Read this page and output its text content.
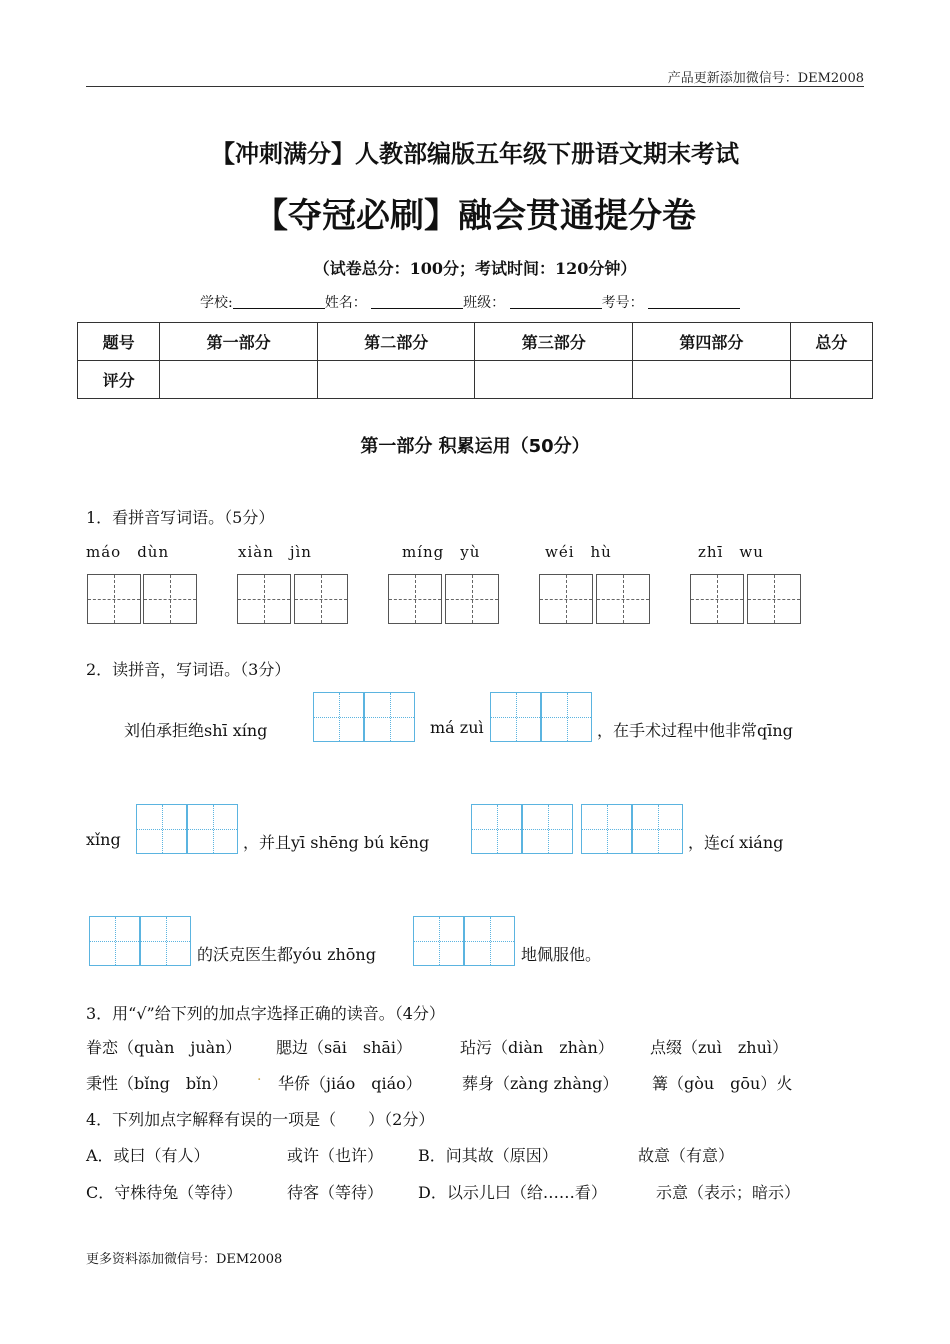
产品更新添加微信号：DEM2008
【冲刺满分】人教部编版五年级下册语文期末考试
【夺冠必刷】融会贯通提分卷
（试卷总分：100分；考试时间：120分钟）
学校:	姓名：	班级：	考号：
题号	第一部分	第二部分	第三部分	第四部分	总分
评分					
第一部分 积累运用（50分）
1．看拼音写词语。（5分）
máo　dùn	xiàn　jìn	míng　yù	wéi　hù	zhī　wu
2．读拼音，写词语。（3分）
刘伯承拒绝shī xíng	má zuì	，在手术过程中他非常qīng
xǐng	，并且yī shēng bú kēng	，连cí xiáng
的沃克医生都yóu zhōng	地佩服他。
3．用“√”给下列的加点字选择正确的读音。（4分）
眷恋（quàn　juàn） 腮边（sāi　shāi）	玷污（diàn　zhàn） 点缀（zuì　zhuì）
秉性（bǐng　bǐn） . 华侨（jiáo　qiáo）	葬身（zàng zhàng） 篝（gòu　gōu）火
4．下列加点字解释有误的一项是（　　）（2分）
A．或曰（有人）	或许（也许） B．问其故（原因）	故意（有意）
C．守株待兔（等待）	待客（等待） D．以示儿曰（给……看）	示意（表示；暗示）
更多资料添加微信号：DEM2008
